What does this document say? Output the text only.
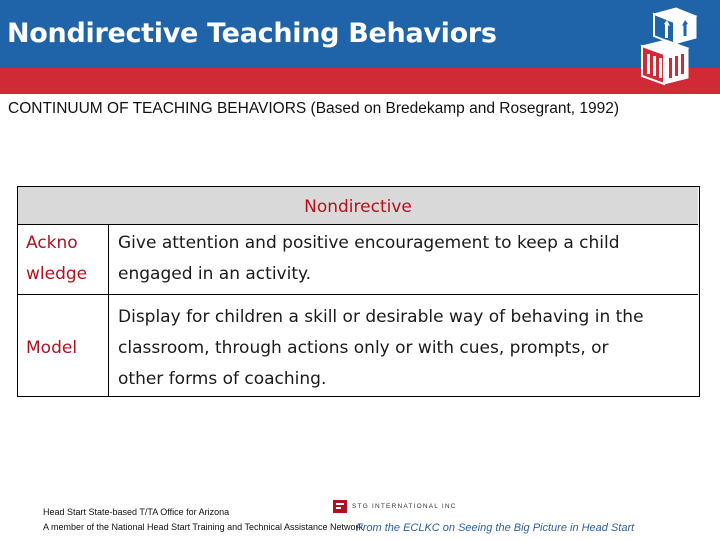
Nondirective Teaching Behaviors
CONTINUUM OF TEACHING BEHAVIORS (Based on Bredekamp and Rosegrant, 1992)
Nondirective
Ackno
wledge
Give attention and positive encouragement to keep a child
engaged in an activity.
Model
Display for children a skill or desirable way of behaving in the
classroom, through actions only or with cues, prompts, or
other forms of coaching.
STG INTERNATIONAL INC
Head Start State-based T/TA Office for Arizona
A member of the National Head Start Training and Technical Assistance Network
From the ECLKC on Seeing the Big Picture in Head Start
